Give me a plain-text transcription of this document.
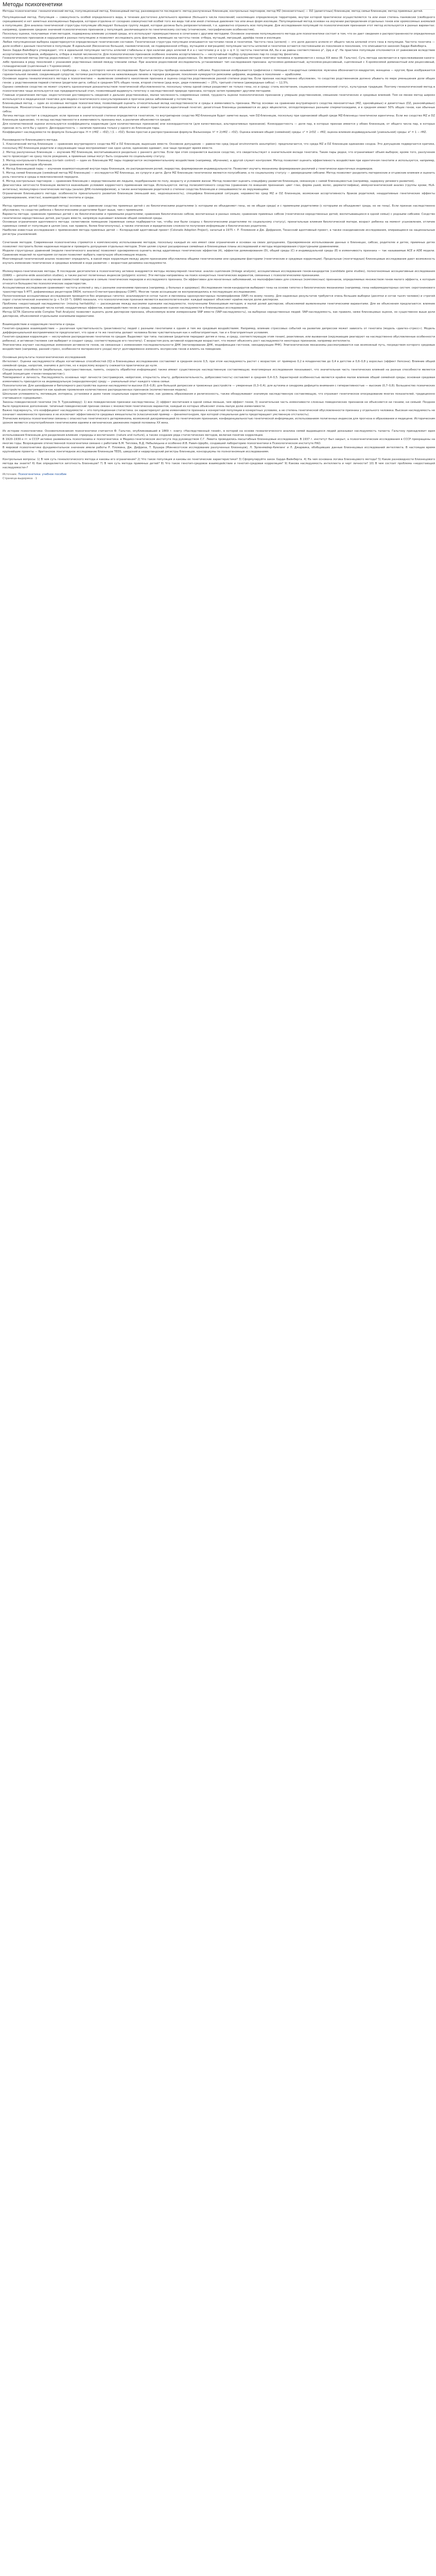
Методы психогенетики

Методы психогенетики: генеалогический метод, популяционный метод, близнецовый метод; разновидности последнего: метод разлученных близнецов, контрольных партнеров; метод MZ (монозиготных) — DZ (дизиготных) близнецов; метод семьи близнецов; метод приемных детей.

Популяционный метод. Популяция — совокупность особей определенного вида, в течение достаточно длительного времени (большого числа поколений) населяющих определенную территорию, внутри которой практически осуществляется та или иная степень панмиксии (свободного скрещивания) и нет заметных изоляционных барьеров, которая отделена от соседних совокупностей особей того же вида той или иной степенью давления тех или иных форм изоляции. Популяционный метод основан на изучении распределения отдельных генов или хромосомных аномалий в популяциях. Для анализа генетической структуры популяции обследуют большую группу людей, которая должна быть репрезентативной, т.е. адекватно отражать всю популяцию. Для исследования популяций по психологическим признакам этот метод используется в разных вариантах: например, сравнение средних значений психологических признаков у популяций, различающихся по генетическому составу (этническим, географическим особенностям).

Поскольку оценки, получаемые этим методом, подвержены влиянию условий среды, его используют преимущественно в сочетании с другими методами. Основное значение популяционного метода для психогенетики состоит в том, что он дает сведения о распространенности определенных психологических признаков и нарушений в разных популяциях и позволяет исследовать роль факторов, влияющих на частоты генов: отбора, мутаций, миграций, дрейфа генов и изоляции.

Любая популяционная выборка характеризуется определенным генетическим составом. Генетическая структура популяции описывается частотами генов и генотипов. Частота гена (аллеля) — это доля данного аллеля от общего числа аллелей этого гена в популяции. Частота генотипа — доля особей с данным генотипом в популяции. В идеальной (бесконечно большой, панмиктической, не подверженной отбору, мутациям и миграциям) популяции частоты аллелей и генотипов остаются постоянными из поколения в поколение, что описывается законом Харди–Вайнберга.

Закон Харди–Вайнберга утверждает, что в идеальной популяции частоты аллелей стабильны и при наличии двух аллелей A и a с частотами p и q (p + q = 1) частоты генотипов AA, Aa и aa равны соответственно p², 2pq и q². На практике популяции отклоняются от равновесия вследствие ассортативности браков, инбридинга, отбора и малой численности. Для психологических признаков особенно значима ассортативность — неслучайный подбор супружеских пар по сходству фенотипа.

Генеалогический метод (метод родословных) — метод исследования наследственности путем составления и анализа родословных. Он является одним из старейших методов генетики человека и применяется с конца XIX века (Ф. Гальтон). Суть метода заключается в прослеживании какого-либо признака в ряду поколений с указанием родственных связей между членами семьи. При анализе родословной исследователь устанавливает тип наследования признака: аутосомно-доминантный, аутосомно-рецессивный, сцепленный с X-хромосомой доминантный или рецессивный, голандрический (сцепленный с Y-хромосомой).

Составление родословной начинается с пробанда — лица, с которого начато исследование. Братья и сестры пробанда называются сибсами. Родословная изображается графически с помощью стандартных символов: мужчина обозначается квадратом, женщина — кругом; брак изображается горизонтальной линией, соединяющей супругов; потомки располагаются на нижележащих линиях в порядке рождения; поколения нумеруются римскими цифрами, индивиды в поколении — арабскими.

Основная задача генеалогического метода в психогенетике — выявление семейного накопления признака и оценка сходства родственников разной степени родства. Если признак наследственно обусловлен, то сходство родственников должно убывать по мере уменьшения доли общих генов: у родственников первой степени (родители–дети, сибсы) в среднем 50% общих генов, второй степени (дед–внук, дядя–племянник) — 25%, третьей степени (двоюродные сибсы) — 12,5%.

Однако семейное сходство не может служить однозначным доказательством генетической обусловленности, поскольку члены одной семьи разделяют не только гены, но и среду: стиль воспитания, социально-экономический статус, культурные традиции. Поэтому генеалогический метод в психогенетике чаще используется как предварительный этап, позволяющий выдвинуть гипотезу о наследственной природе признака, которую затем проверяют другими методами.

Главные ограничения метода: недостаточная достоверность сведений о дальних родственниках, малая численность современных семей, трудность оценки психологических признаков у умерших родственников, смешение генетических и средовых влияний. Тем не менее метод широко используется в медицинской генетике для медико-генетического консультирования и прогноза риска заболеваний у потомства.

Близнецовый метод — один из основных методов психогенетики, позволяющий оценить относительный вклад наследственности и среды в изменчивость признака. Метод основан на сравнении внутрипарного сходства монозиготных (MZ, однояйцевых) и дизиготных (DZ, разнояйцевых) близнецов. Монозиготные близнецы развиваются из одной оплодотворенной яйцеклетки и имеют практически идентичный генотип; дизиготные близнецы развиваются из двух яйцеклеток, оплодотворенных разными сперматозоидами, и в среднем имеют 50% общих генов, как обычные сибсы.

Логика метода состоит в следующем: если признак в значительной степени определяется генотипом, то внутрипарное сходство MZ-близнецов будет заметно выше, чем DZ-близнецов, поскольку при одинаковой общей среде MZ-близнецы генетически идентичны. Если же сходство MZ и DZ близнецов одинаково, то вклад наследственности в изменчивость признака мал, а различия объясняются средой.

Для количественной оценки используются коэффициенты корреляции (для количественных признаков) или конкордантности (для качественных, альтернативных признаков). Конкордантность — доля пар, в которых признак имеется у обоих близнецов, от общего числа пар, в которых признак есть хотя бы у одного. Дискордантность — наличие признака только у одного из близнецов пары.

Коэффициент наследуемости по формуле Хольцингера: H = (rMZ − rDZ) / (1 − rDZ). Более простая и распространенная формула Фальконера: h² = 2(rMZ − rDZ). Оценка влияния общей (семейной) среды: c² = 2rDZ − rMZ; оценка влияния индивидуальной (уникальной) среды: e² = 1 − rMZ.

Разновидности близнецового метода.

1. Классический метод близнецов — сравнение внутрипарного сходства MZ и DZ близнецов, выросших вместе. Основное допущение — равенство сред (equal environments assumption): предполагается, что среда MZ и DZ близнецов одинаково сходна. Это допущение подвергается критике, поскольку MZ близнецов родители и окружающие чаще воспринимают как одно целое, одинаково одевают, они чаще проводят время вместе.

2. Метод разлученных близнецов — изучение MZ близнецов, воспитывавшихся раздельно с раннего детства. Если при этом сохраняется высокое сходство, это свидетельствует о значительном вкладе генотипа. Такие пары редки, что ограничивает объем выборок; кроме того, разлучение часто происходит не сразу после рождения, а приемные семьи могут быть сходными по социальному статусу.

3. Метод контрольного близнеца (co-twin control) — один из близнецов MZ пары подвергается экспериментальному воздействию (например, обучению), а другой служит контролем. Метод позволяет оценить эффективность воздействия при идентичном генотипе и используется, например, для сравнения методов обучения.

4. Метод близнецовой пары — изучение взаимоотношений внутри пары близнецов, их распределения ролей, лидерства, формирования индивидуальности. Позволяет изучить механизмы формирования различий у генетически идентичных индивидов.

5. Метод семей близнецов (семейный метод MZ близнецов) — исследуются MZ близнецы, их супруги и дети. Дети MZ близнецов генетически являются полусибсами, а по социальному статусу — двоюродными сибсами. Метод позволяет разделить материнские и отцовские влияния и оценить роль генотипа и среды в межпоколенной передаче.

6. Метод контрольных партнеров — сравнение близнецов с неродственными им людьми, подобранными по полу, возрасту и условиям жизни. Метод позволяет оценить специфику развития близнецов, связанную с самой близнецовостью (например, задержку речевого развития).

Диагностика зиготности близнецов является важнейшим условием корректного применения метода. Используются: метод полисимптомного сходства (сравнение по внешним признакам: цвет глаз, форма ушей, волос, дерматоглифика), иммуногенетический анализ (группы крови, HLA-антигены), молекулярно-генетические методы (анализ ДНК-полиморфизмов), а также анкетирование родителей о степени сходства близнецов и смешиваемости их окружающими.

Ограничения близнецового метода: особенности пренатального развития близнецов (меньший вес, недоношенность), специфика близнецовой ситуации, неравенство сред MZ и DZ близнецов, возможная ассортативность браков родителей, неаддитивные генетические эффекты (доминирование, эпистаз), взаимодействие генотипа и среды.

Метод приемных детей (адоптивный метод) основан на сравнении сходства приемных детей с их биологическими родителями (с которыми их объединяют гены, но не общая среда) и с приемными родителями (с которыми их объединяет среда, но не гены). Если признак наследственно обусловлен, то сходство ребенка с биологическими родителями будет выше, чем с приемными.

Варианты метода: сравнение приемных детей с их биологическими и приемными родителями; сравнение биологических сибсов, воспитанных в разных семьях; сравнение приемных сибсов (генетически неродственных детей, воспитывающихся в одной семье) с родными сибсами. Сходство генетически неродственных детей, растущих вместе, напрямую оценивает влияние общей семейной среды.

Основные ограничения адоптивного метода: селективное помещение (приемные семьи подбираются так, чтобы они были сходны с биологическими родителями по социальному статусу), пренатальные влияния биологической матери, возраст ребенка на момент усыновления, отличие приемных семей от популяции в целом (они, как правило, более благополучны), а также этические и юридические сложности получения информации о биологических родителях.

Наиболее известные исследования с применением метода приемных детей — Колорадский адоптивный проект (Colorado Adoption Project), начатый в 1975 г. Р. Пломином и Дж. Дефризом, Техасский адоптивный проект, а также скандинавские исследования, опирающиеся на национальные регистры усыновлений.

Сочетание методов. Современная психогенетика стремится к комплексному использованию методов, поскольку каждый из них имеет свои ограничения и основан на своих допущениях. Одновременное использование данных о близнецах, сибсах, родителях и детях, приемных детях позволяет построить более надежные модели и проверить допущения отдельных методов. Этим целям служат расширенные семейные и близнецовые планы исследований и методы моделирования структурными уравнениями.

Модели структурных уравнений (модели генетического анализа) позволяют одновременно оценить вклад аддитивных генетических эффектов (A), эффектов доминирования (D), общей среды (C) и индивидуальной среды (E) в изменчивость признака — так называемые ACE и ADE модели. Сравнение моделей по критериям согласия позволяет выбрать наилучшую объясняющую модель.

Многомерный генетический анализ позволяет определить, в какой мере корреляция между двумя признаками обусловлена общими генетическими или средовыми факторами (генетические и средовые корреляции). Продольные (лонгитюдные) близнецовые исследования дают возможность изучать изменение генетических и средовых влияний в ходе развития — возрастная динамика наследуемости.

Молекулярно-генетические методы. В последние десятилетия в психогенетику активно внедряются методы молекулярной генетики: анализ сцепления (linkage analysis), ассоциативные исследования генов-кандидатов (candidate gene studies), полногеномные ассоциативные исследования (GWAS — genome-wide association studies), а также расчет полигенных индексов (polygenic scores). Эти методы направлены на поиск конкретных генетических вариантов, связанных с психологическими признаками.

Анализ сцепления основан на изучении совместной передачи в семьях генетических маркеров и исследуемого признака. Он эффективен для моногенных заболеваний, но малоэффективен для сложных (комплексных) признаков, определяемых множеством генов малого эффекта, к которым относится большинство психологических характеристик.

Ассоциативные исследования сравнивают частоты аллелей у лиц с разными значениями признака (например, у больных и здоровых). Исследования генов-кандидатов выбирают гены на основе гипотез о биологических механизмах (например, гены нейромедиаторных систем: серотонинового транспортера 5-HTT, дофаминовых рецепторов DRD4, катехол-О-метилтрансферазы COMT). Многие такие ассоциации не воспроизводились в последующих исследованиях.

Полногеномные ассоциативные исследования проводятся без априорных гипотез: анализируются сотни тысяч и миллионы однонуклеотидных полиморфизмов (SNP) по всему геному. Для надежных результатов требуются очень большие выборки (десятки и сотни тысяч человек) и строгий порог статистической значимости (p < 5×10⁻⁸). GWAS показали, что психологические признаки являются высокополигенными: каждый вариант объясняет крайне малую долю дисперсии.

Проблема «недостающей наследуемости» (missing heritability) — расхождение между высокими оценками наследуемости, полученными близнецовым методом, и малой долей дисперсии, объясняемой выявленными генетическими вариантами. Для ее объяснения предлагаются: влияние редких вариантов, вариаций числа копий, неаддитивных эффектов, взаимодействия генов и среды, завышение оценок наследуемости в близнецовых исследованиях.

Метод GCTA (Genome-wide Complex Trait Analysis) позволяет оценить долю дисперсии признака, объясняемую всеми измеренными SNP вместе (SNP-наследуемость), на выборках неродственных людей. SNP-наследуемость, как правило, ниже близнецовых оценок, но существенно выше доли дисперсии, объясняемой отдельными значимыми вариантами.

Взаимодействие и корреляция генотипа и среды.

Генотип-средовое взаимодействие — различная чувствительность (реактивность) людей с разными генотипами к одним и тем же средовым воздействиям. Например, влияние стрессовых событий на развитие депрессии может зависеть от генотипа (модель «диатез–стресс»). Модель дифференциальной восприимчивости предполагает, что одни и те же генотипы делают человека более чувствительным как к неблагоприятным, так и к благоприятным условиям.

Генотип-средовая корреляция — неслучайное распределение генотипов по средам. Выделяют три типа: пассивная (родители передают детям и гены, и среду, соответствующую этим генам), реактивная, или вызванная (окружающие реагируют на наследственно обусловленные особенности ребенка), и активная (человек сам выбирает и создает среду, соответствующую его генотипу). С возрастом роль активной корреляции возрастает, что может объяснять рост наследуемости некоторых признаков, например интеллекта.

Эпигенетика изучает наследуемые изменения активности генов, не связанные с изменением последовательности ДНК (метилирование ДНК, модификации гистонов, некодирующие РНК). Эпигенетические механизмы рассматриваются как возможный путь, посредством которого средовые воздействия (например, ранний стресс, особенности материнского ухода) могут долговременно изменять экспрессию генов и влиять на поведение.

Основные результаты психогенетических исследований.

Интеллект. Оценки наследуемости общих когнитивных способностей (IQ) в близнецовых исследованиях составляют в среднем около 0,5; при этом наследуемость растет с возрастом: от примерно 0,2 в младенчестве до 0,4 в детстве и 0,6–0,8 у взрослых (эффект Уилсона). Влияние общей семейной среды, напротив, значимо в детстве, но к взрослому возрасту снижается практически до нуля.

Специальные способности (вербальные, пространственные, память, скорость обработки информации) также имеют существенную наследственную составляющую; многомерные исследования показывают, что значительная часть генетических влияний на разные способности является общей (концепция «генов-генералистов»).

Темперамент и личность. Наследуемость основных черт личности (экстраверсия, нейротизм, открытость опыту, доброжелательность, добросовестность) составляет в среднем 0,4–0,5. Характерной особенностью является крайне малое влияние общей семейной среды; основная средовая изменчивость приходится на индивидуальную (неразделенную) среду — уникальный опыт каждого члена семьи.

Психопатология. Для шизофрении и биполярного расстройства оценки наследуемости высоки (0,6–0,8); для большой депрессии и тревожных расстройств — умеренные (0,3–0,4); для аутизма и синдрома дефицита внимания с гиперактивностью — высокие (0,7–0,8). Большинство психических расстройств рассматриваются как крайние проявления количественно распределенных признаков (количественная модель).

Школьная успеваемость, мотивация, интересы, установки и даже такие социальные характеристики, как уровень образования и религиозность, также обнаруживают значимую наследственную составляющую, что отражает генетическое опосредование многих показателей, традиционно считавшихся «средовыми».

Законы поведенческой генетики (по Э. Туркхаймеру): 1) все поведенческие признаки наследственны; 2) эффект воспитания в одной семье меньше, чем эффект генов; 3) значительная часть изменчивости сложных поведенческих признаков не объясняется ни генами, ни семьей. Позднее было предложено дополнение: типичный поведенческий признак связан с множеством генетических вариантов, каждый из которых объясняет очень малую долю изменчивости.

Важно подчеркнуть, что коэффициент наследуемости — это популяционная статистика: он характеризует долю изменчивости признака в конкретной популяции в конкретных условиях, а не степень генетической обусловленности признака у отдельного человека. Высокая наследуемость не означает неизменности признака и не исключает эффективности средовых вмешательств (классический пример — фенилкетонурия, при которой специальная диета предотвращает умственную отсталость).

Этические вопросы психогенетики связаны с опасностью генетического детерминизма, возможной дискриминацией по генетическим признакам, конфиденциальностью генетической информации, использованием полигенных индексов для прогноза в образовании и медицине. Историческим уроком являются злоупотребления генетическими идеями в евгенических движениях первой половины XX века.

Из истории психогенетики. Основоположником психогенетики считается Ф. Гальтон, опубликовавший в 1869 г. книгу «Наследственный гений», в которой на основе генеалогического анализа семей выдающихся людей доказывал наследуемость таланта. Гальтону принадлежит идея использования близнецов для разделения влияния «природы и воспитания» (nature and nurture), а также создание ряда статистических методов, включая понятие корреляции.

В 1920–1930-х гг. в СССР активно развивалась психотехника и психогенетика: в Медико-генетическом институте под руководством С.Г. Левита проводились масштабные близнецовые исследования. В 1937 г. институт был закрыт, а психогенетические исследования в СССР прекращены на многие годы. Возрождение отечественной психогенетики связано с работами Б.М. Теплова, В.Д. Небылицына и особенно И.В. Равич-Щербо, создавшей лабораторию психогенетики в Психологическом институте РАО.

В мировой психогенетике фундаментальное значение имели работы Р. Пломина, Дж. Дефриза, Т. Бушара (Миннесотское исследование разлученных близнецов), Л. Эрленмейер-Кимлинг и Л. Джарвика, обобщивших данные близнецовых исследований интеллекта. В настоящее время крупнейшие проекты — британское лонгитюдное исследование близнецов TEDS, шведский и нидерландский регистры близнецов, консорциумы по полногеномным исследованиям.

Контрольные вопросы: 1) В чем суть генеалогического метода и каковы его ограничения? 2) Что такое популяция и каковы ее генетические характеристики? 3) Сформулируйте закон Харди–Вайнберга. 4) На чем основана логика близнецового метода? 5) Какие разновидности близнецового метода вы знаете? 6) Как определяется зиготность близнецов? 7) В чем суть метода приемных детей? 8) Что такое генотип-средовое взаимодействие и генотип-средовая корреляция? 9) Какова наследуемость интеллекта и черт личности? 10) В чем состоит проблема «недостающей наследуемости»?

Источник: Психогенетика: учебное пособие
Страница-выдержка · 1
